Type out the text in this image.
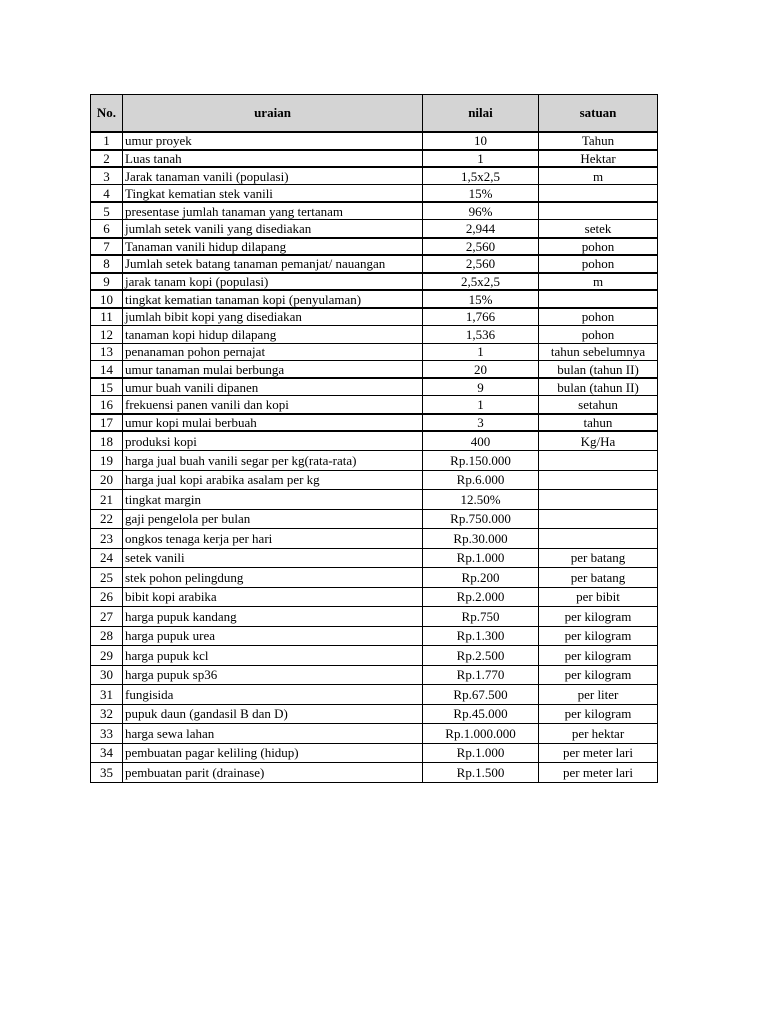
No.	uraian	nilai	satuan
1	umur proyek	10	Tahun
2	Luas tanah	1	Hektar
3	Jarak tanaman vanili (populasi)	1,5x2,5	m
4	Tingkat kematian stek vanili	15%	
5	presentase jumlah tanaman yang tertanam	96%	
6	jumlah setek vanili yang disediakan	2,944	setek
7	Tanaman vanili hidup dilapang	2,560	pohon
8	Jumlah setek batang tanaman pemanjat/ nauangan	2,560	pohon
9	jarak tanam kopi (populasi)	2,5x2,5	m
10	tingkat kematian tanaman kopi (penyulaman)	15%	
11	jumlah bibit kopi yang disediakan	1,766	pohon
12	tanaman kopi hidup dilapang	1,536	pohon
13	penanaman pohon pernajat	1	tahun sebelumnya
14	umur tanaman mulai berbunga	20	bulan (tahun II)
15	umur buah vanili dipanen	9	bulan (tahun II)
16	frekuensi panen vanili dan kopi	1	setahun
17	umur kopi mulai berbuah	3	tahun
18	produksi kopi	400	Kg/Ha
19	harga jual buah vanili segar per kg(rata-rata)	Rp.150.000	
20	harga jual kopi arabika asalam per kg	Rp.6.000	
21	tingkat margin	12.50%	
22	gaji pengelola per bulan	Rp.750.000	
23	ongkos tenaga kerja per hari	Rp.30.000	
24	setek vanili	Rp.1.000	per batang
25	stek pohon pelingdung	Rp.200	per batang
26	bibit kopi arabika	Rp.2.000	per bibit
27	harga pupuk kandang	Rp.750	per kilogram
28	harga pupuk urea	Rp.1.300	per kilogram
29	harga pupuk kcl	Rp.2.500	per kilogram
30	harga pupuk sp36	Rp.1.770	per kilogram
31	fungisida	Rp.67.500	per liter
32	pupuk daun (gandasil B dan D)	Rp.45.000	per kilogram
33	harga sewa lahan	Rp.1.000.000	per hektar
34	pembuatan pagar keliling (hidup)	Rp.1.000	per meter lari
35	pembuatan parit (drainase)	Rp.1.500	per meter lari
